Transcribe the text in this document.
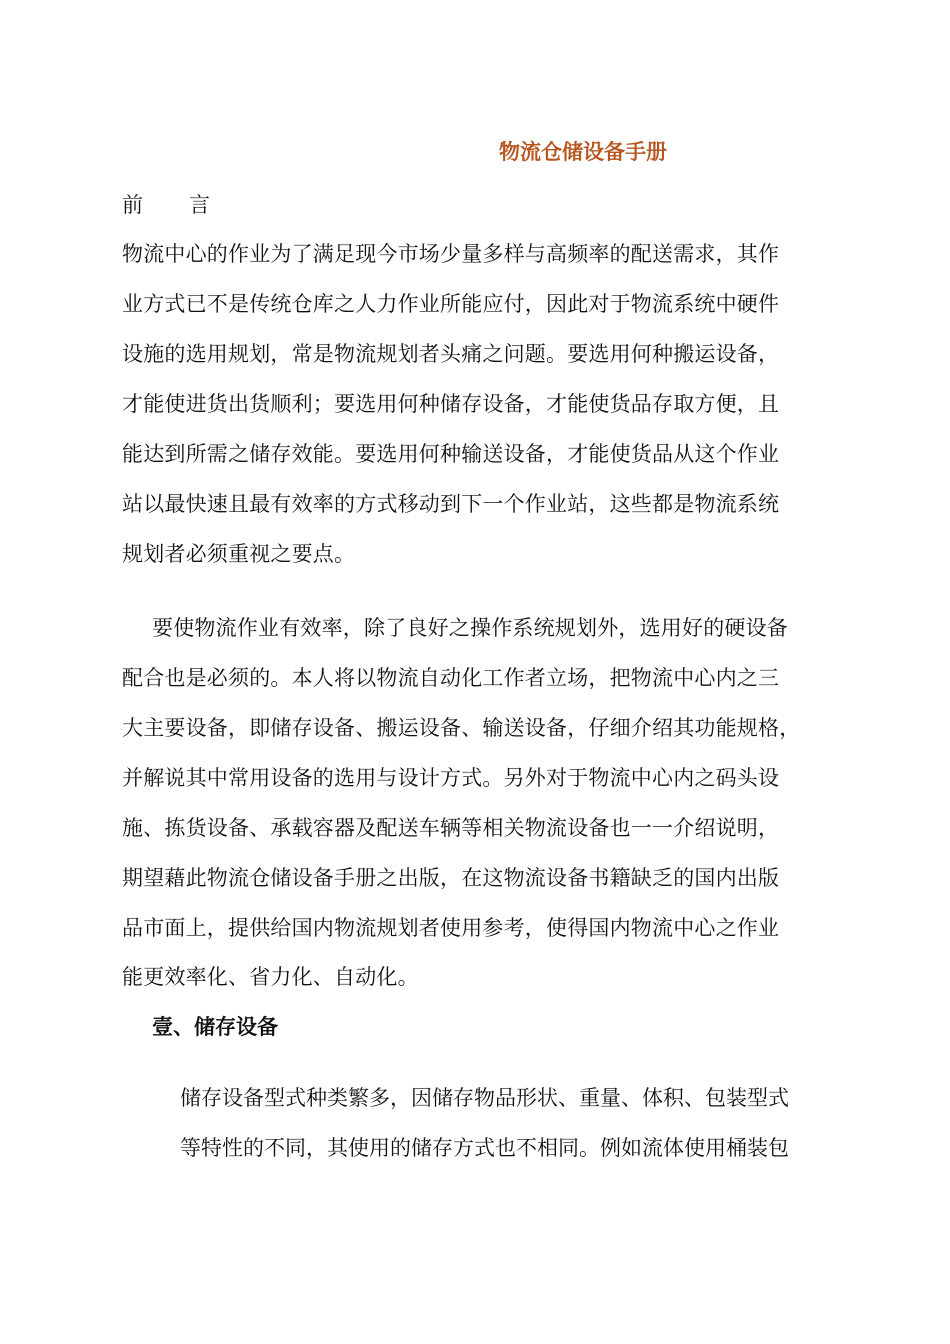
物流仓储设备手册
前 言
物流中心的作业为了满足现今市场少量多样与高频率的配送需求，其作
业方式已不是传统仓库之人力作业所能应付，因此对于物流系统中硬件
设施的选用规划，常是物流规划者头痛之问题。要选用何种搬运设备，
才能使进货出货顺利；要选用何种储存设备，才能使货品存取方便，且
能达到所需之储存效能。要选用何种输送设备，才能使货品从这个作业
站以最快速且最有效率的方式移动到下一个作业站，这些都是物流系统
规划者必须重视之要点。
要使物流作业有效率，除了良好之操作系统规划外，选用好的硬设备
配合也是必须的。本人将以物流自动化工作者立场，把物流中心内之三
大主要设备，即储存设备、搬运设备、输送设备，仔细介绍其功能规格，
并解说其中常用设备的选用与设计方式。另外对于物流中心内之码头设
施、拣货设备、承载容器及配送车辆等相关物流设备也一一介绍说明，
期望藉此物流仓储设备手册之出版，在这物流设备书籍缺乏的国内出版
品市面上，提供给国内物流规划者使用参考，使得国内物流中心之作业
能更效率化、省力化、自动化。
壹、储存设备
储存设备型式种类繁多，因储存物品形状、重量、体积、包装型式
等特性的不同，其使用的储存方式也不相同。例如流体使用桶装包
